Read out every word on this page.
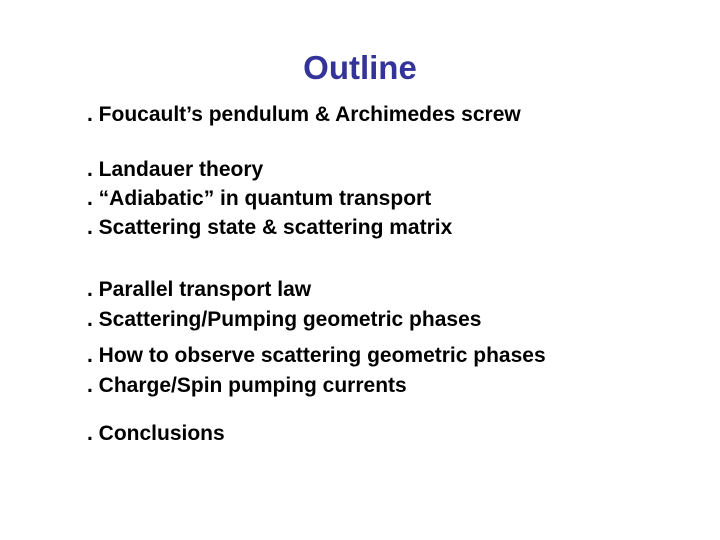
Outline
. Foucault’s pendulum & Archimedes screw
. Landauer theory
. “Adiabatic” in quantum transport
. Scattering state & scattering matrix
. Parallel transport law
. Scattering/Pumping geometric phases
. How to observe scattering geometric phases
. Charge/Spin pumping currents
. Conclusions
